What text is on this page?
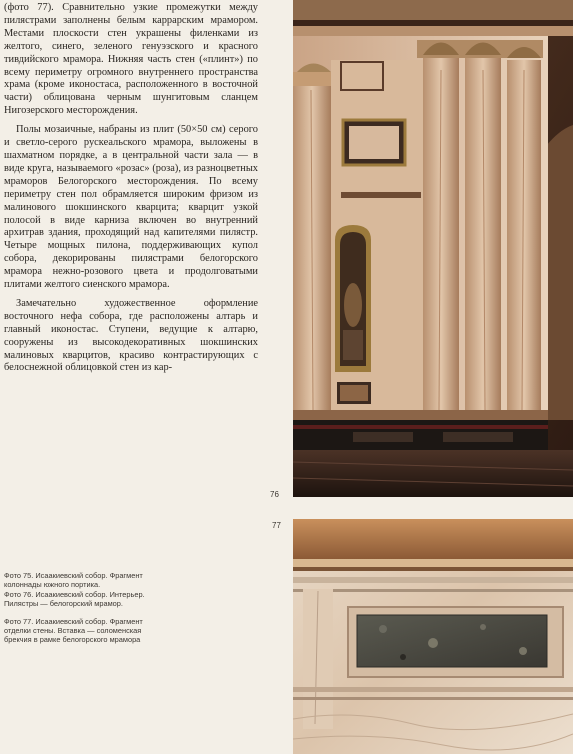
(фото 77). Сравнительно узкие промежутки между пилястрами заполнены белым каррарским мрамором. Местами плоскости стен украшены филенками из желтого, синего, зеленого генуэзского и красного тивдийского мрамора. Нижняя часть стен («плинт») по всему периметру огромного внутреннего пространства храма (кроме иконостаса, расположенного в восточной части) облицована черным шунгитовым сланцем Нигозерского месторождения.

Полы мозаичные, набраны из плит (50×50 см) серого и светло-серого рускеальского мрамора, выложены в шахматном порядке, а в центральной части зала — в виде круга, называемого «розас» (роза), из разноцветных мраморов Белогорского месторождения. По всему периметру стен пол обрамляется широким фризом из малинового шокшинского кварцита; кварцит узкой полосой в виде карниза включен во внутренний архитрав здания, проходящий над капителями пилястр. Четыре мощных пилона, поддерживающих купол собора, декорированы пилястрами белогорского мрамора нежно-розового цвета и продолговатыми плитами желтого сиенского мрамора.

Замечательно художественное оформление восточного нефа собора, где расположены алтарь и главный иконостас. Ступени, ведущие к алтарю, сооружены из высокодекоративных шокшинских малиновых кварцитов, красиво контрастирующих с белоснежной облицовкой стен из кар-

76
77

Фото 75. Исаакиевский собор. Фрагмент колоннады южного портика.

Фото 76. Исаакиевский собор. Интерьер. Пилястры — белогорский мрамор.

Фото 77. Исаакиевский собор. Фрагмент отделки стены. Вставка — соломенская брекчия в рамке белогорского мрамора
